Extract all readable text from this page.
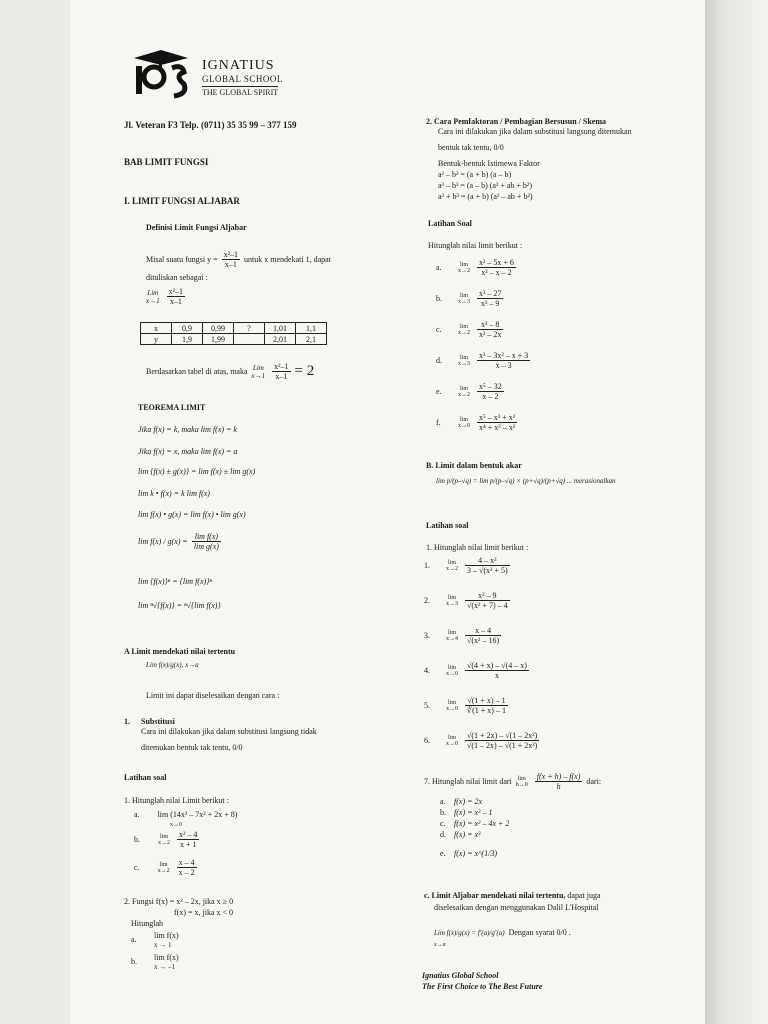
IGNATIUS
GLOBAL SCHOOL
THE GLOBAL SPIRIT
Jl. Veteran F3 Telp. (0711) 35 35 99 – 377 159
BAB LIMIT FUNGSI
I. LIMIT FUNGSI ALJABAR
Definisi Limit Fungsi Aljabar
Misal suatu fungsi $y = \frac{\text{x²–1}}{x-1}$ untuk x mendekati 1, dapat
dituliskan sebagai :
Lim
$x\to 1 \frac{\text{x²–1}}{x-1}$
x	0,9	0,99	?	1,01	1,1
y	1,9	1,99		2,01	2,1
Berdasarkan tabel di atas, maka Lim
$x\to 1 \frac{\text{x²–1}}{x-1} = 2$
TEOREMA LIMIT
Jika f(x) = k, maka lim f(x) = k
Jika f(x) = x, maka lim f(x) = a
lim {f(x) ± g(x)} = lim f(x) ± lim g(x)
lim k • f(x) = k lim f(x)
lim f(x) • g(x) = lim f(x) • lim g(x)
$\lim f(x) / g(x) = \frac{\text{lim f(x)}}{\text{lim g(x)}}$
lim {f(x)}ⁿ = {lim f(x)}ⁿ
lim ⁿ√{f(x)} = ⁿ√{lim f(x)}
A Limit mendekati nilai tertentu
Lim f(x)/g(x), x→a
Limit ini dapat diselesaikan dengan cara :
1. Substitusi
Cara ini dilakukan jika dalam substitusi langsung tidak
ditemukan bentuk tak tentu, 0/0
Latihan soal
1. Hitunglah nilai Limit berikut :
a. lim (14x³ – 7x² + 2x + 8)
x→0
b.	lim
$x\to 2 \frac{\text{x² – 4}}{x + 1}$
c.	lim
$x\to 2 \frac{x - 4}{x - 2}$
2. Fungsi f(x) = x² – 2x, jika x ≥ 0
f(x) = x, jika x < 0
Hitunglah
a. lim f(x)
x → 1
b. lim f(x)
x → –1
2. Cara Pemfaktoran / Pembagian Bersusun / Skema
Cara ini dilakukan jika dalam substitusi langsung ditemukan
bentuk tak tentu, 0/0
Bentuk-bentuk Istimewa Faktor
a² – b² = (a + b) (a – b)
a³ – b³ = (a – b) (a² + ab + b²)
a³ + b³ = (a + b) (a² – ab + b²)
Latihan Soal
Hitunglah nilai limit berikut :
a.	lim
$x\to 2 \frac{\text{x² – 5x + 6}}{\text{x² – x – 2}}$
b.	lim
$x\to 3 \frac{\text{x³ – 27}}{\text{x² – 9}}$
c.	lim
$x\to 2 \frac{\text{x³ – 8}}{\text{x² – 2x}}$
d.	lim
$x\to 3 \frac{\text{x³ – 3x² – x + 3}}{x - 3}$
e.	lim
$x\to 2 \frac{\text{x⁵ – 32}}{x - 2}$
f.	lim
$x\to 0 \frac{\text{x⁵ – x³ + x²}}{\text{x⁴ + x³ – x²}}$
B. Limit dalam bentuk akar
lim p/(p–√q) = lim p/(p–√q) × (p+√q)/(p+√q) ... merasionalkan
Latihan soal
1. Hitunglah nilai limit berikut :
1.	lim
$x\to 2 \frac{\text{4 – x²}}{\text{3 – √(x² + 5)}}$
2.	lim
$x\to 3 \frac{\text{x² – 9}}{\text{√(x² + 7) – 4}}$
3.	lim
$x\to 4 \frac{x - 4}{\text{√(x² – 16)}}$
4.	lim
$x\to 0 \frac{√(4 + x) - √(4 - x)}{x}$
5.	lim
$x\to 0 \frac{√(1 + x) - 1}{∛(1 + x) - 1}$
6.	lim
$x\to 0 \frac{\text{√(1 + 2x) – √(1 – 2x²)}}{\text{√(1 – 2x) – √(1 + 2x²)}}$
7. Hitunglah nilai limit dari lim
$h\to 0 \frac{f(x + h) - f(x)}{h}$ dari:
a. f(x) = 2x
b. f(x) = x² – 1
c. f(x) = x² – 4x + 2
d. f(x) = x³
e. f(x) = x^(1/3)
c. Limit Aljabar mendekati nilai tertentu, dapat juga
diselesaikan dengan menggunakan Dalil L'Hospital
Lim f(x)/g(x) = f′(a)/g′(a) Dengan syarat 0/0 .
x→a
Ignatius Global School
The First Choice to The Best Future
